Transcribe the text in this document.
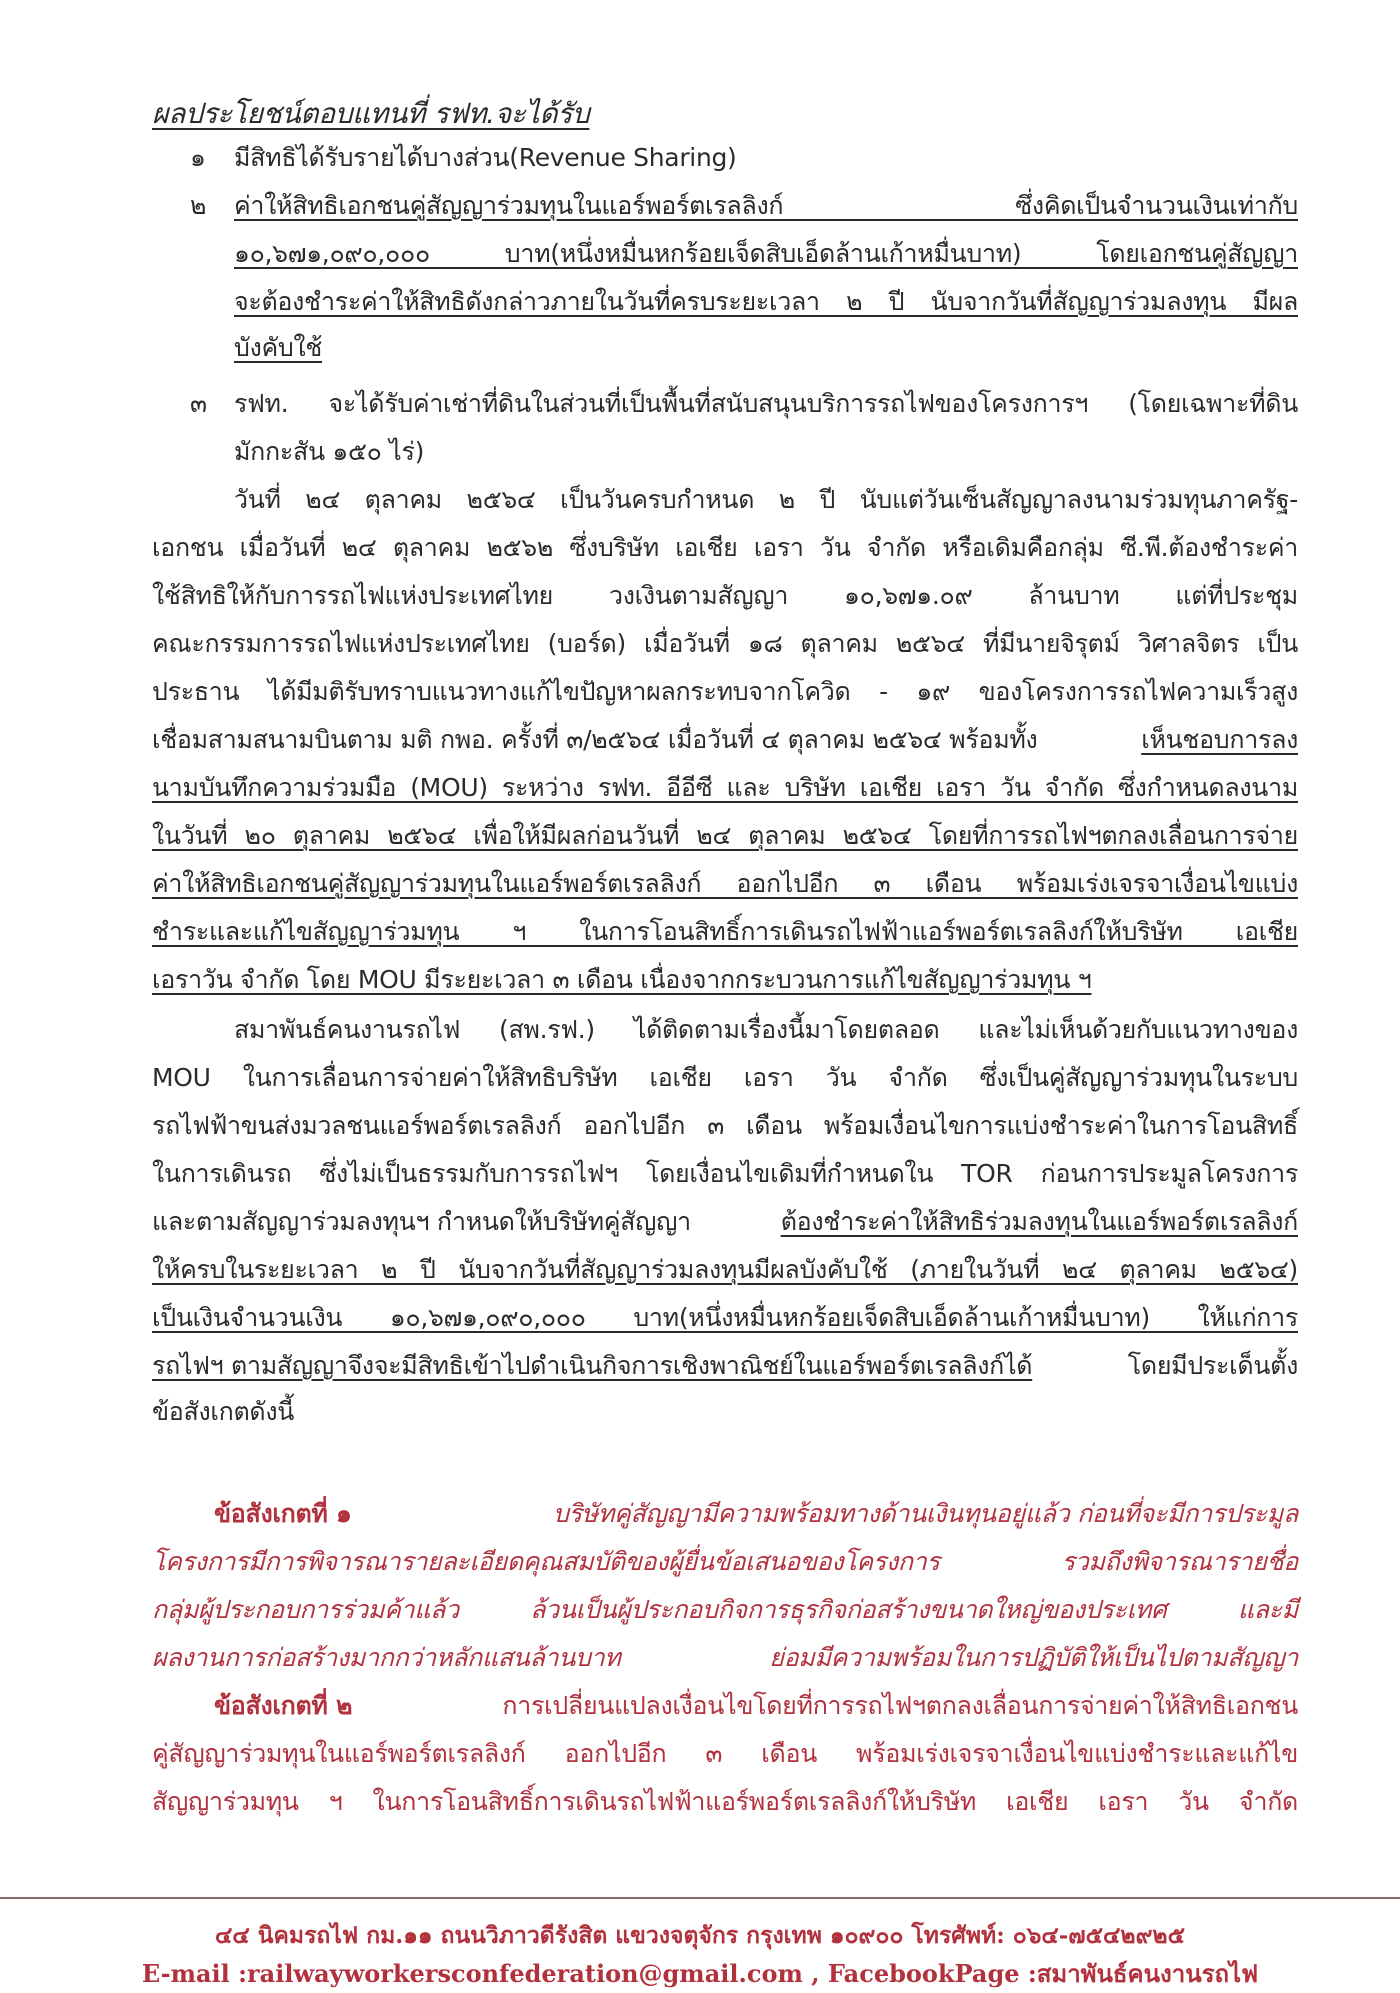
ผลประโยชน์ตอบแทนที่ รฟท.จะได้รับ
๑ มีสิทธิได้รับรายได้บางส่วน(Revenue Sharing)
๒ ค่าให้สิทธิเอกชนคู่สัญญาร่วมทุนในแอร์พอร์ตเรลลิงก์ ซึ่งคิดเป็นจำนวนเงินเท่ากับ
๑๐,๖๗๑,๐๙๐,๐๐๐ บาท(หนึ่งหมื่นหกร้อยเจ็ดสิบเอ็ดล้านเก้าหมื่นบาท) โดยเอกชนคู่สัญญา
จะต้องชำระค่าให้สิทธิดังกล่าวภายในวันที่ครบระยะเวลา ๒ ปี นับจากวันที่สัญญาร่วมลงทุน มีผล
บังคับใช้
๓ รฟท. จะได้รับค่าเช่าที่ดินในส่วนที่เป็นพื้นที่สนับสนุนบริการรถไฟของโครงการฯ (โดยเฉพาะที่ดิน
มักกะสัน ๑๕๐ ไร่)
วันที่ ๒๔ ตุลาคม ๒๕๖๔ เป็นวันครบกำหนด ๒ ปี นับแต่วันเซ็นสัญญาลงนามร่วมทุนภาครัฐ-
เอกชน เมื่อวันที่ ๒๔ ตุลาคม ๒๕๖๒ ซึ่งบริษัท เอเชีย เอรา วัน จำกัด หรือเดิมคือกลุ่ม ซี.พี.ต้องชำระค่า
ใช้สิทธิให้กับการรถไฟแห่งประเทศไทย วงเงินตามสัญญา ๑๐,๖๗๑.๐๙ ล้านบาท แต่ที่ประชุม
คณะกรรมการรถไฟแห่งประเทศไทย (บอร์ด) เมื่อวันที่ ๑๘ ตุลาคม ๒๕๖๔ ที่มีนายจิรุตม์ วิศาลจิตร เป็น
ประธาน ได้มีมติรับทราบแนวทางแก้ไขปัญหาผลกระทบจากโควิด - ๑๙ ของโครงการรถไฟความเร็วสูง
เชื่อมสามสนามบินตาม มติ กพอ. ครั้งที่ ๓/๒๕๖๔ เมื่อวันที่ ๔ ตุลาคม ๒๕๖๔ พร้อมทั้ง	เห็นชอบการลง
นามบันทึกความร่วมมือ (MOU) ระหว่าง รฟท. อีอีซี และ บริษัท เอเชีย เอรา วัน จำกัด ซึ่งกำหนดลงนาม
ในวันที่ ๒๐ ตุลาคม ๒๕๖๔ เพื่อให้มีผลก่อนวันที่ ๒๔ ตุลาคม ๒๕๖๔ โดยที่การรถไฟฯตกลงเลื่อนการจ่าย
ค่าให้สิทธิเอกชนคู่สัญญาร่วมทุนในแอร์พอร์ตเรลลิงก์ ออกไปอีก ๓ เดือน พร้อมเร่งเจรจาเงื่อนไขแบ่ง
ชำระและแก้ไขสัญญาร่วมทุน ฯ ในการโอนสิทธิ์การเดินรถไฟฟ้าแอร์พอร์ตเรลลิงก์ให้บริษัท เอเชีย
เอราวัน จำกัด โดย MOU มีระยะเวลา ๓ เดือน เนื่องจากกระบวนการแก้ไขสัญญาร่วมทุน ฯ
สมาพันธ์คนงานรถไฟ (สพ.รฟ.) ได้ติดตามเรื่องนี้มาโดยตลอด และไม่เห็นด้วยกับแนวทางของ
MOU ในการเลื่อนการจ่ายค่าให้สิทธิบริษัท เอเชีย เอรา วัน จำกัด ซึ่งเป็นคู่สัญญาร่วมทุนในระบบ
รถไฟฟ้าขนส่งมวลชนแอร์พอร์ตเรลลิงก์ ออกไปอีก ๓ เดือน พร้อมเงื่อนไขการแบ่งชำระค่าในการโอนสิทธิ์
ในการเดินรถ ซึ่งไม่เป็นธรรมกับการรถไฟฯ โดยเงื่อนไขเดิมที่กำหนดใน TOR ก่อนการประมูลโครงการ
และตามสัญญาร่วมลงทุนฯ กำหนดให้บริษัทคู่สัญญา	ต้องชำระค่าให้สิทธิร่วมลงทุนในแอร์พอร์ตเรลลิงก์
ให้ครบในระยะเวลา ๒ ปี นับจากวันที่สัญญาร่วมลงทุนมีผลบังคับใช้ (ภายในวันที่ ๒๔ ตุลาคม ๒๕๖๔)
เป็นเงินจำนวนเงิน ๑๐,๖๗๑,๐๙๐,๐๐๐ บาท(หนึ่งหมื่นหกร้อยเจ็ดสิบเอ็ดล้านเก้าหมื่นบาท) ให้แก่การ
รถไฟฯ ตามสัญญาจึงจะมีสิทธิเข้าไปดำเนินกิจการเชิงพาณิชย์ในแอร์พอร์ตเรลลิงก์ได้	โดยมีประเด็นตั้ง
ข้อสังเกตดังนี้
ข้อสังเกตที่ ๑	บริษัทคู่สัญญามีความพร้อมทางด้านเงินทุนอยู่แล้ว ก่อนที่จะมีการประมูล
โครงการมีการพิจารณารายละเอียดคุณสมบัติของผู้ยื่นข้อเสนอของโครงการ รวมถึงพิจารณารายชื่อ
กลุ่มผู้ประกอบการร่วมค้าแล้ว ล้วนเป็นผู้ประกอบกิจการธุรกิจก่อสร้างขนาดใหญ่ของประเทศ และมี
ผลงานการก่อสร้างมากกว่าหลักแสนล้านบาท ย่อมมีความพร้อมในการปฏิบัติให้เป็นไปตามสัญญา
ข้อสังเกตที่ ๒	การเปลี่ยนแปลงเงื่อนไขโดยที่การรถไฟฯตกลงเลื่อนการจ่ายค่าให้สิทธิเอกชน
คู่สัญญาร่วมทุนในแอร์พอร์ตเรลลิงก์ ออกไปอีก ๓ เดือน พร้อมเร่งเจรจาเงื่อนไขแบ่งชำระและแก้ไข
สัญญาร่วมทุน ฯ ในการโอนสิทธิ์การเดินรถไฟฟ้าแอร์พอร์ตเรลลิงก์ให้บริษัท เอเชีย เอรา วัน จำกัด
๔๔ นิคมรถไฟ กม.๑๑ ถนนวิภาวดีรังสิต แขวงจตุจักร กรุงเทพ ๑๐๙๐๐ โทรศัพท์: ๐๖๔-๗๕๔๒๙๒๕
E-mail :railwayworkersconfederation@gmail.com , FacebookPage :สมาพันธ์คนงานรถไฟ
